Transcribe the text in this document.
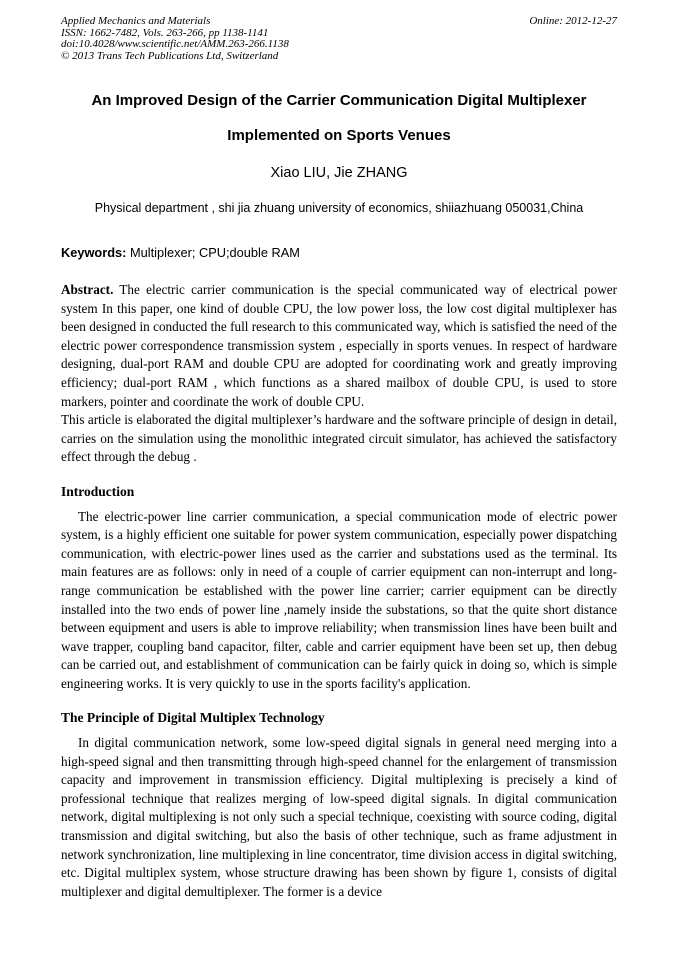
Applied Mechanics and Materials
ISSN: 1662-7482, Vols. 263-266, pp 1138-1141
doi:10.4028/www.scientific.net/AMM.263-266.1138
© 2013 Trans Tech Publications Ltd, Switzerland
Online: 2012-12-27
An Improved Design of the Carrier Communication Digital Multiplexer
Implemented on Sports Venues
Xiao LIU, Jie ZHANG
Physical department , shi jia zhuang university of economics, shiiazhuang 050031,China
Keywords: Multiplexer; CPU;double RAM
Abstract. The electric carrier communication is the special communicated way of electrical power system In this paper, one kind of double CPU, the low power loss, the low cost digital multiplexer has been designed in conducted the full research to this communicated way, which is satisfied the need of the electric power correspondence transmission system , especially in sports venues. In respect of hardware designing, dual-port RAM and double CPU are adopted for coordinating work and greatly improving efficiency; dual-port RAM , which functions as a shared mailbox of double CPU, is used to store markers, pointer and coordinate the work of double CPU.
This article is elaborated the digital multiplexer’s hardware and the software principle of design in detail, carries on the simulation using the monolithic integrated circuit simulator, has achieved the satisfactory effect through the debug .
Introduction
The electric-power line carrier communication, a special communication mode of electric power system, is a highly efficient one suitable for power system communication, especially power dispatching communication, with electric-power lines used as the carrier and substations used as the terminal. Its main features are as follows: only in need of a couple of carrier equipment can non-interrupt and long-range communication be established with the power line carrier; carrier equipment can be directly installed into the two ends of power line ,namely inside the substations, so that the quite short distance between equipment and users is able to improve reliability; when transmission lines have been built and wave trapper, coupling band capacitor, filter, cable and carrier equipment have been set up, then debug can be carried out, and establishment of communication can be fairly quick in doing so, which is simple engineering works. It is very quickly to use in the sports facility's application.
The Principle of Digital Multiplex Technology
In digital communication network, some low-speed digital signals in general need merging into a high-speed signal and then transmitting through high-speed channel for the enlargement of transmission capacity and improvement in transmission efficiency. Digital multiplexing is precisely a kind of professional technique that realizes merging of low-speed digital signals. In digital communication network, digital multiplexing is not only such a special technique, coexisting with source coding, digital transmission and digital switching, but also the basis of other technique, such as frame adjustment in network synchronization, line multiplexing in line concentrator, time division access in digital switching, etc. Digital multiplex system, whose structure drawing has been shown by figure 1, consists of digital multiplexer and digital demultiplexer. The former is a device
